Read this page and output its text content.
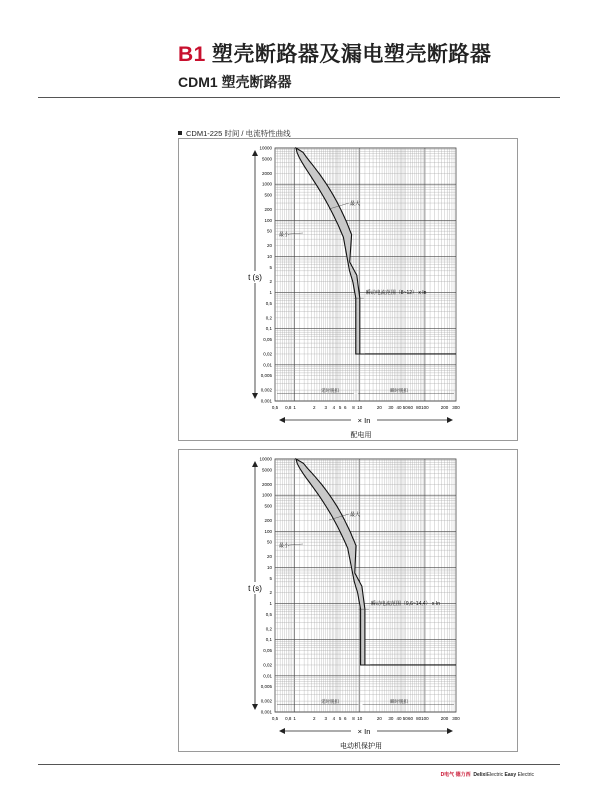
B1 塑壳断路器及漏电塑壳断路器
CDM1 塑壳断路器
CDM1-225 时间 / 电流特性曲线
最大
最小
瞬动电流范围（8~12） x In
延时脱扣	瞬时脱扣
10000
5000
2000
1000
500
200
100
50
20
10
5
2
1
0,5
0,2
0,1
0,05
0,02
0,01
0,005
0,002
0,001
0,5 0,8 1	2 3 4 5 6 8 10	20 30 40 50 60 80 100	200 300
t (s)
× In
配电用
最大
最小
瞬动电流范围（9,6~14,4） x In
延时脱扣	瞬时脱扣
10000
5000
2000
1000
500
200
100
50
20
10
5
2
1
0,5
0,2
0,1
0,05
0,02
0,01
0,005
0,002
0,001
0,5 0,8 1	2 3 4 5 6 8 10	20 30 40 50 60 80 100	200 300
t (s)
× In
电动机保护用
D电气 德力西 DelixiElectric Easy Electric
